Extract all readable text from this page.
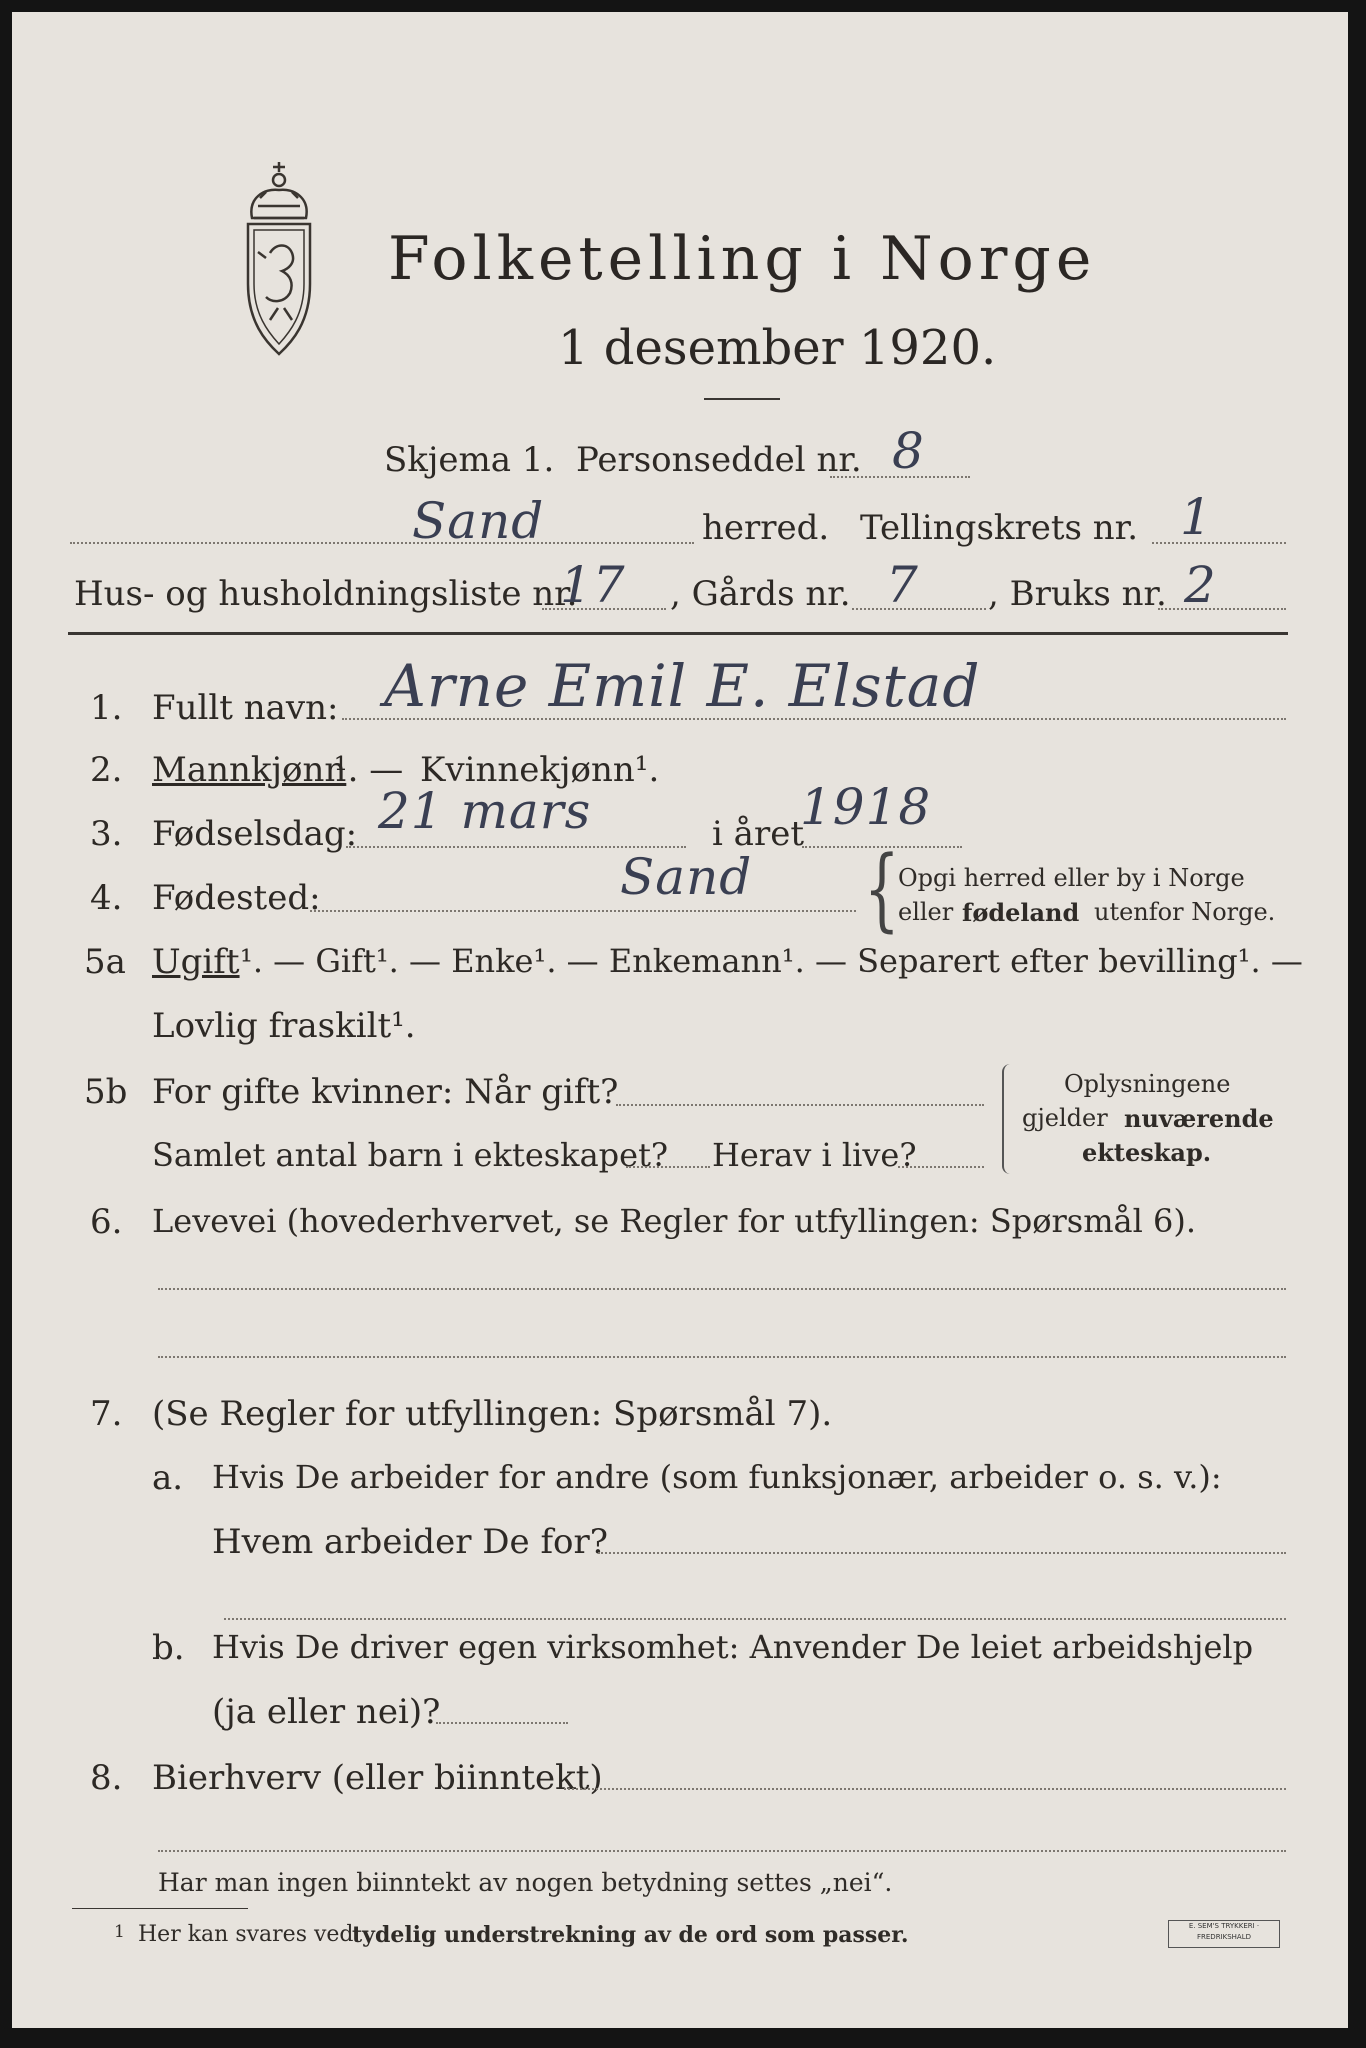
Folketelling i Norge
1 desember 1920.
Skjema 1. Personseddel nr. 8
Sand	herred. Tellingskrets nr. 1
Hus- og husholdningsliste nr.
17 , Gårds nr. 7 , Bruks nr. 2
1. Fullt navn: Arne Emil E. Elstad
2. Mannkjønn
¹. — Kvinnekjønn¹.
3. Fødselsdag: 21 mars	i året
1918
4. Fødested:	Sand {
Opgi herred eller by i Norge
eller fødeland utenfor Norge.
5a Ugift ¹. — Gift¹. — Enke¹. — Enkemann¹. — Separert efter bevilling¹. —
Lovlig fraskilt¹.
5b For gifte kvinner: Når gift?
Samlet antal barn i ekteskapet? Herav i live?
Oplysningene
gjelder nuværende
ekteskap.
6. Levevei (hovederhvervet, se Regler for utfyllingen: Spørsmål 6).
7. (Se Regler for utfyllingen: Spørsmål 7).
a. Hvis De arbeider for andre (som funksjonær, arbeider o. s. v.):
Hvem arbeider De for?
b. Hvis De driver egen virksomhet: Anvender De leiet arbeidshjelp
(ja eller nei)?
8. Bierhverv (eller biinntekt)
Har man ingen biinntekt av nogen betydning settes „nei“.
1 Her kan svares ved
tydelig understrekning av de ord som passer.	E. SEM'S TRYKKERI · FREDRIKSHALD
